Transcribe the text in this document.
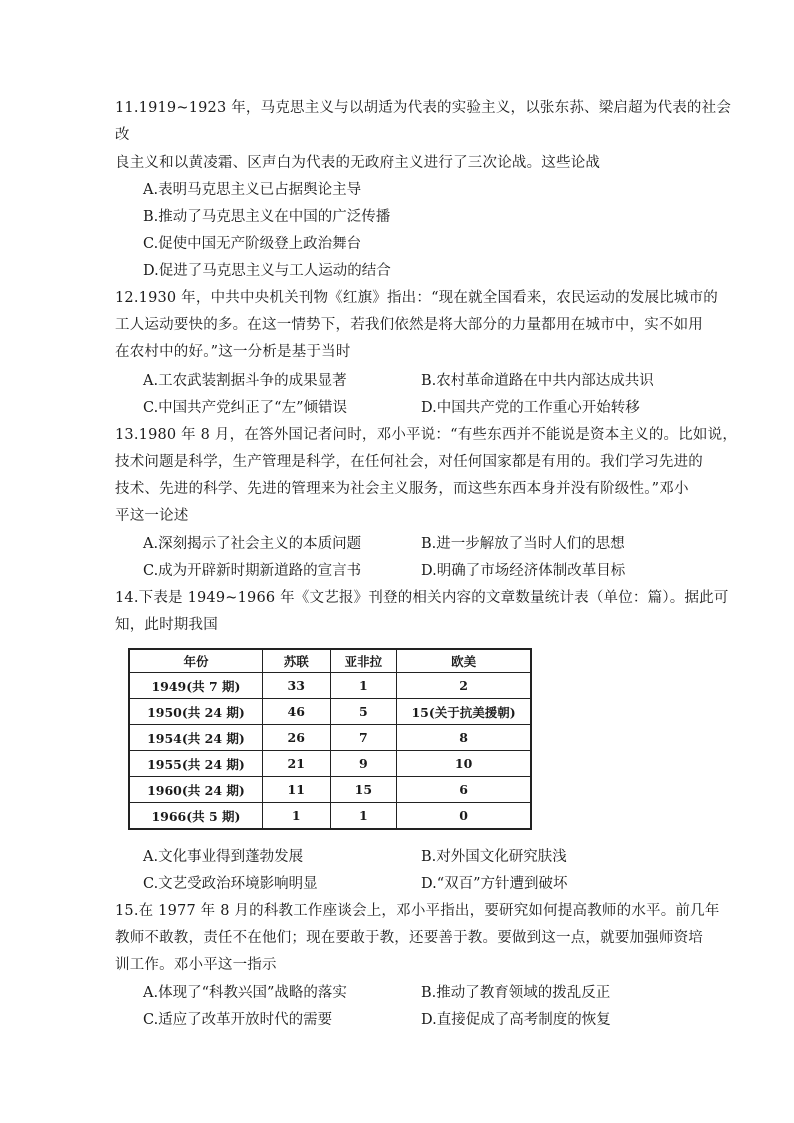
11.1919~1923 年，马克思主义与以胡适为代表的实验主义，以张东荪、梁启超为代表的社会
改
良主义和以黄凌霜、区声白为代表的无政府主义进行了三次论战。这些论战
A.表明马克思主义已占据舆论主导
B.推动了马克思主义在中国的广泛传播
C.促使中国无产阶级登上政治舞台
D.促进了马克思主义与工人运动的结合
12.1930 年，中共中央机关刊物《红旗》指出：“现在就全国看来，农民运动的发展比城市的
工人运动要快的多。在这一情势下，若我们依然是将大部分的力量都用在城市中，实不如用
在农村中的好。”这一分析是基于当时
A.工农武装割据斗争的成果显著	B.农村革命道路在中共内部达成共识
C.中国共产党纠正了“左”倾错误	D.中国共产党的工作重心开始转移
13.1980 年 8 月，在答外国记者问时，邓小平说：“有些东西并不能说是资本主义的。比如说，
技术问题是科学，生产管理是科学，在任何社会，对任何国家都是有用的。我们学习先进的
技术、先进的科学、先进的管理来为社会主义服务，而这些东西本身并没有阶级性。”邓小
平这一论述
A.深刻揭示了社会主义的本质问题	B.进一步解放了当时人们的思想
C.成为开辟新时期新道路的宣言书	D.明确了市场经济体制改革目标
14.下表是 1949~1966 年《文艺报》刊登的相关内容的文章数量统计表（单位：篇）。据此可
知，此时期我国
年份	苏联	亚非拉	欧美
1949(共 7 期)	33	1	2
1950(共 24 期)	46	5	15(关于抗美援朝)
1954(共 24 期)	26	7	8
1955(共 24 期)	21	9	10
1960(共 24 期)	11	15	6
1966(共 5 期)	1	1	0
A.文化事业得到蓬勃发展	B.对外国文化研究肤浅
C.文艺受政治环境影响明显	D.“双百”方针遭到破坏
15.在 1977 年 8 月的科教工作座谈会上，邓小平指出，要研究如何提高教师的水平。前几年
教师不敢教，责任不在他们；现在要敢于教，还要善于教。要做到这一点，就要加强师资培
训工作。邓小平这一指示
A.体现了“科教兴国”战略的落实	B.推动了教育领域的拨乱反正
C.适应了改革开放时代的需要	D.直接促成了高考制度的恢复
